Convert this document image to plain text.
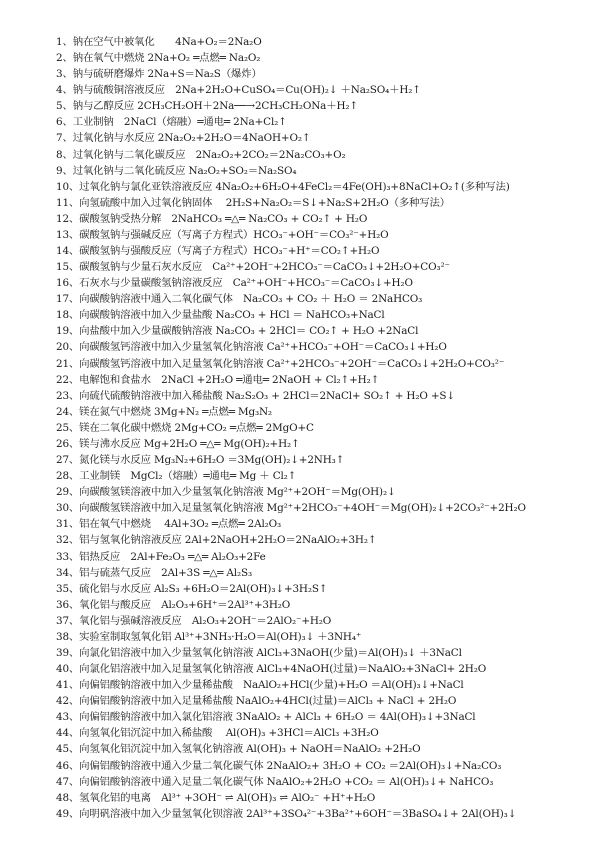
1、钠在空气中被氧化　　4Na+O₂＝2Na₂O
2、钠在氧气中燃烧 2Na+O₂ ═点燃═ Na₂O₂
3、钠与硫研磨爆炸 2Na+S＝Na₂S（爆炸）
4、钠与硫酸铜溶液反应　2Na+2H₂O+CuSO₄＝Cu(OH)₂↓ ＋Na₂SO₄＋H₂↑
5、钠与乙醇反应 2CH₃CH₂OH＋2Na──→2CH₃CH₂ONa＋H₂↑
6、工业制钠　2NaCl（熔融）═通电═ 2Na+Cl₂↑
7、过氧化钠与水反应 2Na₂O₂+2H₂O＝4NaOH+O₂↑
8、过氧化钠与二氧化碳反应　2Na₂O₂+2CO₂＝2Na₂CO₃+O₂
9、过氧化钠与二氧化硫反应 Na₂O₂+SO₂＝Na₂SO₄
10、过氧化钠与氯化亚铁溶液反应 4Na₂O₂+6H₂O+4FeCl₂＝4Fe(OH)₃+8NaCl+O₂↑(多种写法)
11、向氢硫酸中加入过氧化钠固体　 2H₂S+Na₂O₂＝S↓+Na₂S+2H₂O（多种写法）
12、碳酸氢钠受热分解　2NaHCO₃ ═△═ Na₂CO₃ + CO₂↑ + H₂O
13、碳酸氢钠与强碱反应（写离子方程式）HCO₃⁻+OH⁻＝CO₃²⁻+H₂O
14、碳酸氢钠与强酸反应（写离子方程式）HCO₃⁻+H⁺＝CO₂↑+H₂O
15、碳酸氢钠与少量石灰水反应　Ca²⁺+2OH⁻+2HCO₃⁻＝CaCO₃↓+2H₂O+CO₃²⁻
16、石灰水与少量碳酸氢钠溶液反应　Ca²⁺+OH⁻+HCO₃⁻＝CaCO₃↓+H₂O
17、向碳酸钠溶液中通入二氧化碳气体　Na₂CO₃ + CO₂ ＋ H₂O ＝ 2NaHCO₃
18、向碳酸钠溶液中加入少量盐酸 Na₂CO₃ + HCl ＝ NaHCO₃+NaCl
19、向盐酸中加入少量碳酸钠溶液 Na₂CO₃ + 2HCl＝ CO₂↑ + H₂O +2NaCl
20、向碳酸氢钙溶液中加入少量氢氧化钠溶液 Ca²⁺+HCO₃⁻+OH⁻＝CaCO₃↓+H₂O
21、向碳酸氢钙溶液中加入足量氢氧化钠溶液 Ca²⁺+2HCO₃⁻+2OH⁻＝CaCO₃↓+2H₂O+CO₃²⁻
22、电解饱和食盐水　2NaCl +2H₂O ═通电═ 2NaOH + Cl₂↑+H₂↑
23、向硫代硫酸钠溶液中加入稀盐酸 Na₂S₂O₃ + 2HCl＝2NaCl+ SO₂↑ + H₂O +S↓
24、镁在氮气中燃烧 3Mg+N₂ ═点燃═ Mg₃N₂
25、镁在二氧化碳中燃烧 2Mg+CO₂ ═点燃═ 2MgO+C
26、镁与沸水反应 Mg+2H₂O ═△═ Mg(OH)₂+H₂↑
27、氮化镁与水反应 Mg₃N₂+6H₂O ＝3Mg(OH)₂↓+2NH₃↑
28、工业制镁　MgCl₂（熔融）═通电═ Mg ＋ Cl₂↑
29、向碳酸氢镁溶液中加入少量氢氧化钠溶液 Mg²⁺+2OH⁻＝Mg(OH)₂↓
30、向碳酸氢镁溶液中加入足量氢氧化钠溶液 Mg²⁺+2HCO₃⁻+4OH⁻＝Mg(OH)₂↓+2CO₃²⁻+2H₂O
31、铝在氧气中燃烧　 4Al+3O₂ ═点燃═ 2Al₂O₃
32、铝与氢氧化钠溶液反应 2Al+2NaOH+2H₂O＝2NaAlO₂+3H₂↑
33、铝热反应　2Al+Fe₂O₃ ═△═ Al₂O₃+2Fe
34、铝与硫蒸气反应　2Al+3S ═△═ Al₂S₃
35、硫化铝与水反应 Al₂S₃ +6H₂O＝2Al(OH)₃↓+3H₂S↑
36、氧化铝与酸反应　Al₂O₃+6H⁺＝2Al³⁺+3H₂O
37、氧化铝与强碱溶液反应　Al₂O₃+2OH⁻＝2AlO₂⁻+H₂O
38、实验室制取氢氧化铝 Al³⁺+3NH₃·H₂O＝Al(OH)₃↓ ＋3NH₄⁺
39、向氯化铝溶液中加入少量氢氧化钠溶液 AlCl₃+3NaOH(少量)＝Al(OH)₃↓ ＋3NaCl
40、向氯化铝溶液中加入足量氢氧化钠溶液 AlCl₃+4NaOH(过量)＝NaAlO₂+3NaCl+ 2H₂O
41、向偏铝酸钠溶液中加入少量稀盐酸　NaAlO₂+HCl(少量)+H₂O ＝Al(OH)₃↓+NaCl
42、向偏铝酸钠溶液中加入足量稀盐酸 NaAlO₂+4HCl(过量)＝AlCl₃ + NaCl + 2H₂O
43、向偏铝酸钠溶液中加入氯化铝溶液 3NaAlO₂ + AlCl₃ + 6H₂O ＝ 4Al(OH)₃↓+3NaCl
44、向氢氧化铝沉淀中加入稀盐酸　 Al(OH)₃ +3HCl＝AlCl₃ +3H₂O
45、向氢氧化铝沉淀中加入氢氧化钠溶液 Al(OH)₃ + NaOH＝NaAlO₂ +2H₂O
46、向偏铝酸钠溶液中通入少量二氧化碳气体 2NaAlO₂+ 3H₂O + CO₂ ＝2Al(OH)₃↓+Na₂CO₃
47、向偏铝酸钠溶液中通入足量二氧化碳气体 NaAlO₂+2H₂O +CO₂ ＝ Al(OH)₃↓+ NaHCO₃
48、氢氧化铝的电离　Al³⁺ +3OH⁻ ⇌ Al(OH)₃ ⇌ AlO₂⁻ +H⁺+H₂O
49、向明矾溶液中加入少量氢氧化钡溶液 2Al³⁺+3SO₄²⁻+3Ba²⁺+6OH⁻＝3BaSO₄↓+ 2Al(OH)₃↓
